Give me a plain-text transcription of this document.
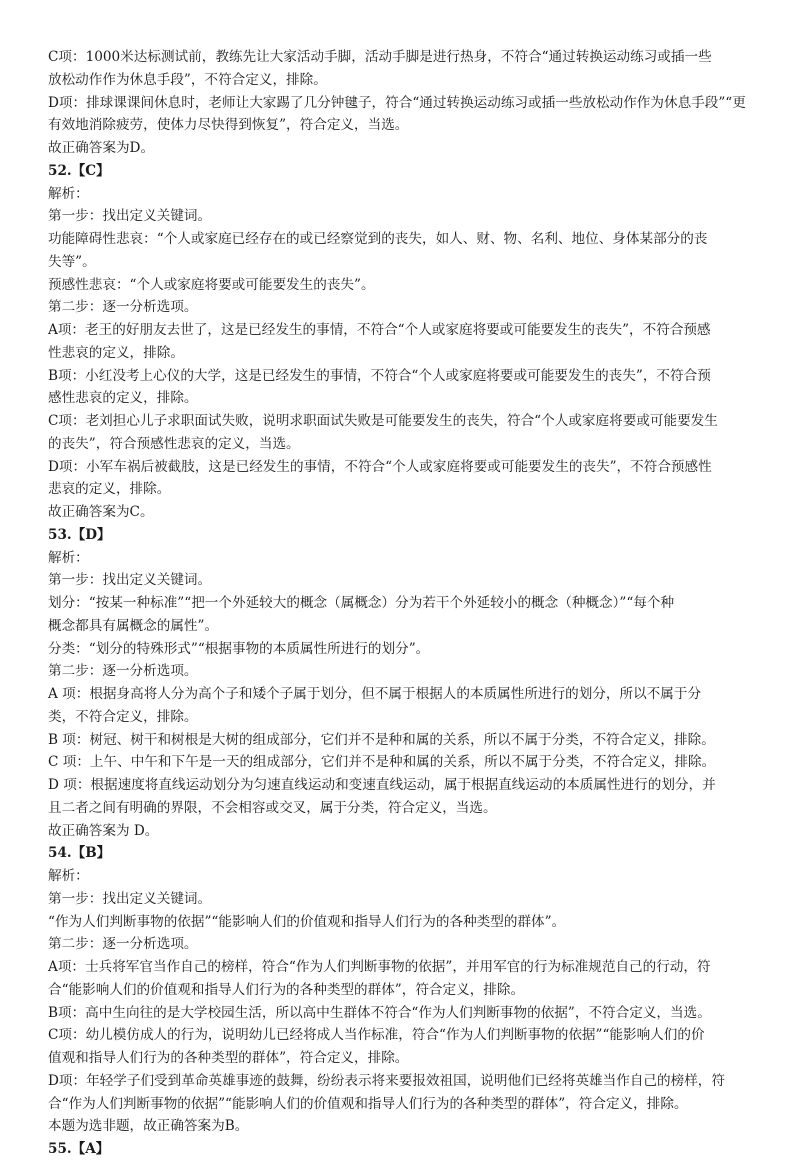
C项：1000米达标测试前，教练先让大家活动手脚，活动手脚是进行热身，不符合“通过转换运动练习或插一些
放松动作作为休息手段”，不符合定义，排除。
D项：排球课课间休息时，老师让大家踢了几分钟毽子，符合“通过转换运动练习或插一些放松动作作为休息手段”“更有效地消除疲劳，使体力尽快得到恢复”，符合定义，当选。
故正确答案为D。
52.【C】
解析：
第一步：找出定义关键词。
功能障碍性悲哀：“个人或家庭已经存在的或已经察觉到的丧失，如人、财、物、名利、地位、身体某部分的丧
失等”。
预感性悲哀：“个人或家庭将要或可能要发生的丧失”。
第二步：逐一分析选项。
A项：老王的好朋友去世了，这是已经发生的事情，不符合“个人或家庭将要或可能要发生的丧失”，不符合预感
性悲哀的定义，排除。
B项：小红没考上心仪的大学，这是已经发生的事情，不符合“个人或家庭将要或可能要发生的丧失”，不符合预
感性悲哀的定义，排除。
C项：老刘担心儿子求职面试失败，说明求职面试失败是可能要发生的丧失，符合“个人或家庭将要或可能要发生
的丧失”，符合预感性悲哀的定义，当选。
D项：小军车祸后被截肢，这是已经发生的事情，不符合“个人或家庭将要或可能要发生的丧失”，不符合预感性
悲哀的定义，排除。
故正确答案为C。
53.【D】
解析：
第一步：找出定义关键词。
划分：“按某一种标准”“把一个外延较大的概念（属概念）分为若干个外延较小的概念（种概念）”“每个种
概念都具有属概念的属性”。
分类：“划分的特殊形式”“根据事物的本质属性所进行的划分”。
第二步：逐一分析选项。
A 项：根据身高将人分为高个子和矮个子属于划分，但不属于根据人的本质属性所进行的划分，所以不属于分
类，不符合定义，排除。
B 项：树冠、树干和树根是大树的组成部分，它们并不是种和属的关系，所以不属于分类，不符合定义，排除。
C 项：上午、中午和下午是一天的组成部分，它们并不是种和属的关系，所以不属于分类，不符合定义，排除。
D 项：根据速度将直线运动划分为匀速直线运动和变速直线运动，属于根据直线运动的本质属性进行的划分，并
且二者之间有明确的界限，不会相容或交叉，属于分类，符合定义，当选。
故正确答案为 D。
54.【B】
解析：
第一步：找出定义关键词。
“作为人们判断事物的依据”“能影响人们的价值观和指导人们行为的各种类型的群体”。
第二步：逐一分析选项。
A项：士兵将军官当作自己的榜样，符合“作为人们判断事物的依据”，并用军官的行为标准规范自己的行动，符
合“能影响人们的价值观和指导人们行为的各种类型的群体”，符合定义，排除。
B项：高中生向往的是大学校园生活，所以高中生群体不符合“作为人们判断事物的依据”，不符合定义，当选。
C项：幼儿模仿成人的行为，说明幼儿已经将成人当作标准，符合“作为人们判断事物的依据”“能影响人们的价
值观和指导人们行为的各种类型的群体”，符合定义，排除。
D项：年轻学子们受到革命英雄事迹的鼓舞，纷纷表示将来要报效祖国，说明他们已经将英雄当作自己的榜样，符
合“作为人们判断事物的依据”“能影响人们的价值观和指导人们行为的各种类型的群体”，符合定义，排除。
本题为选非题，故正确答案为B。
55.【A】
